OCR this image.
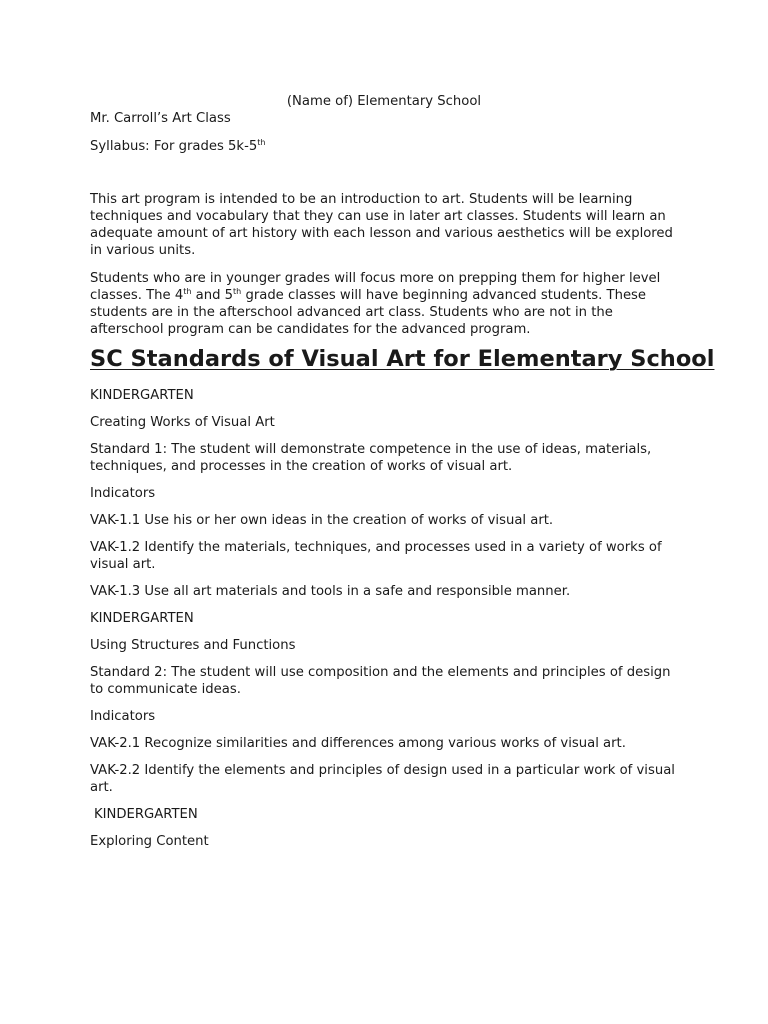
(Name of) Elementary School

Mr. Carroll’s Art Class

Syllabus: For grades 5k-5th

This art program is intended to be an introduction to art. Students will be learning techniques and vocabulary that they can use in later art classes. Students will learn an adequate amount of art history with each lesson and various aesthetics will be explored in various units.

Students who are in younger grades will focus more on prepping them for higher level classes. The 4th and 5th grade classes will have beginning advanced students. These students are in the afterschool advanced art class. Students who are not in the afterschool program can be candidates for the advanced program.

SC Standards of Visual Art for Elementary School

KINDERGARTEN

Creating Works of Visual Art

Standard 1: The student will demonstrate competence in the use of ideas, materials, techniques, and processes in the creation of works of visual art.

Indicators

VAK-1.1 Use his or her own ideas in the creation of works of visual art.

VAK-1.2 Identify the materials, techniques, and processes used in a variety of works of visual art.

VAK-1.3 Use all art materials and tools in a safe and responsible manner.

KINDERGARTEN

Using Structures and Functions

Standard 2: The student will use composition and the elements and principles of design to communicate ideas.

Indicators

VAK-2.1 Recognize similarities and differences among various works of visual art.

VAK-2.2 Identify the elements and principles of design used in a particular work of visual art.

KINDERGARTEN

Exploring Content
